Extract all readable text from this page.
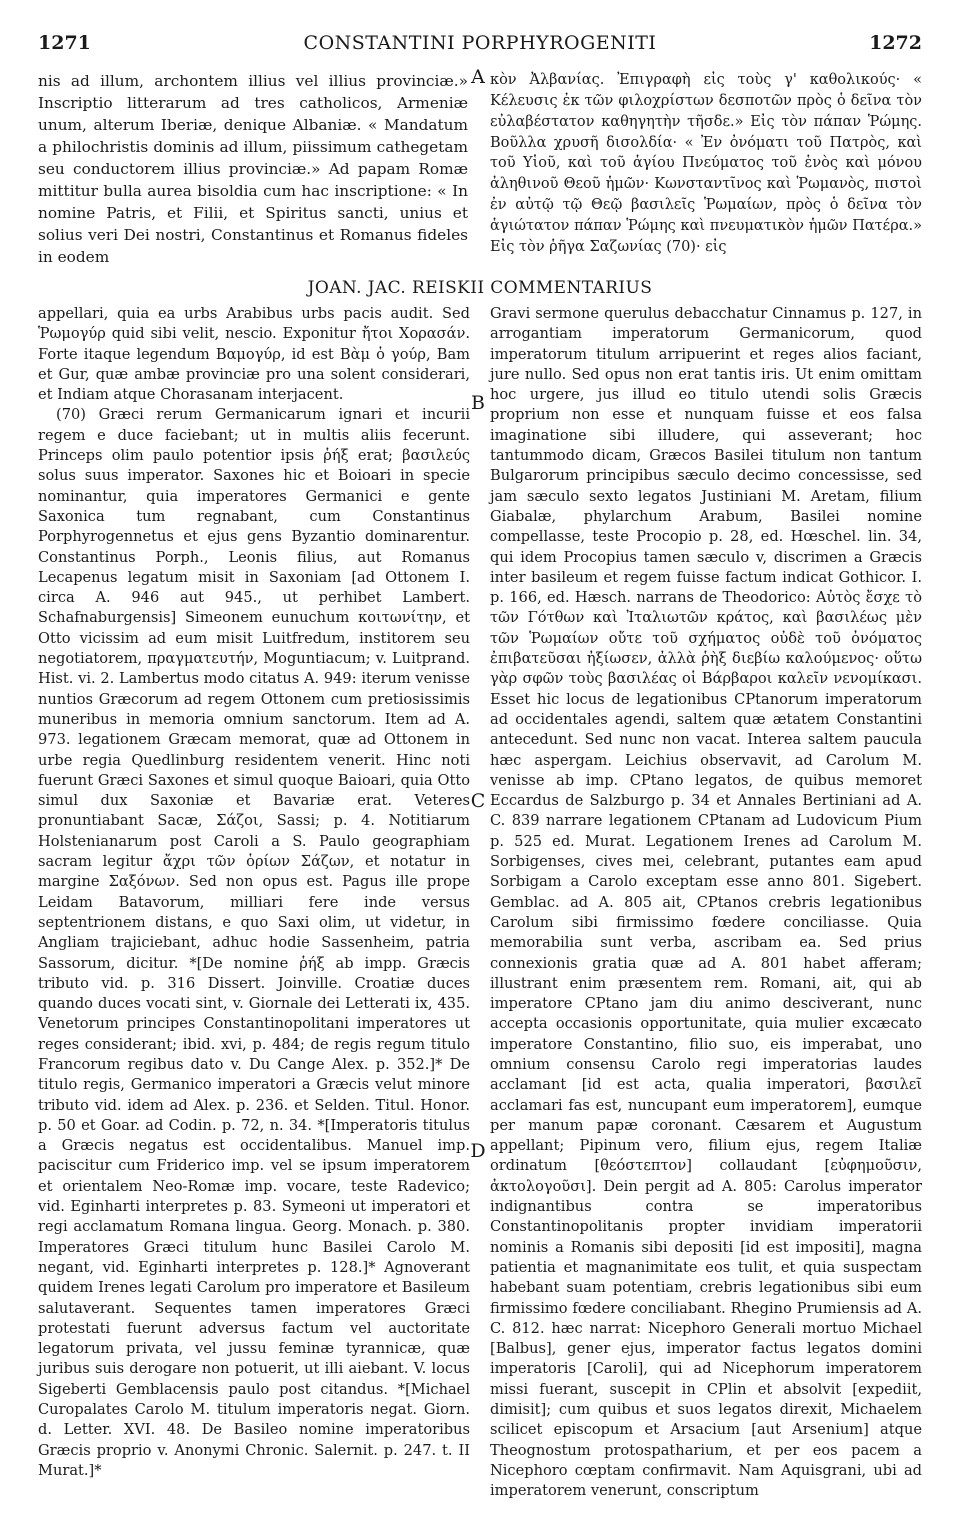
1271	CONSTANTINI PORPHYROGENITI	1272

nis ad illum, archontem illius vel illius provinciæ.» Inscriptio litterarum ad tres catholicos, Armeniæ unum, alterum Iberiæ, denique Albaniæ. « Mandatum a philochristis dominis ad illum, piissimum cathegetam seu conductorem illius provinciæ.» Ad papam Romæ mittitur bulla aurea bisoldia cum hac inscriptione: « In nomine Patris, et Filii, et Spiritus sancti, unius et solius veri Dei nostri, Constantinus et Romanus fideles in eodem

A κὸν Ἀλβανίας. Ἐπιγραφὴ εἰς τοὺς γ' καθολικούς· « Κέλευσις ἐκ τῶν φιλοχρίστων δεσποτῶν πρὸς ὁ δεῖνα τὸν εὐλαβέστατον καθηγητὴν τῆσδε.» Εἰς τὸν πάπαν Ῥώμης. Βοῦλλα χρυσῆ δισολδία· « Ἐν ὀνόματι τοῦ Πατρὸς, καὶ τοῦ Υἱοῦ, καὶ τοῦ ἁγίου Πνεύματος τοῦ ἑνὸς καὶ μόνου ἀληθινοῦ Θεοῦ ἡμῶν· Κωνσταντῖνος καὶ Ῥωμανὸς, πιστοὶ ἐν αὐτῷ τῷ Θεῷ βασιλεῖς Ῥωμαίων, πρὸς ὁ δεῖνα τὸν ἁγιώτατον πάπαν Ῥώμης καὶ πνευματικὸν ἡμῶν Πατέρα.» Εἰς τὸν ῥῆγα Σαζωνίας (70)· εἰς

JOAN. JAC. REISKII COMMENTARIUS

appellari, quia ea urbs Arabibus urbs pacis audit. Sed Ῥωμογύρ quid sibi velit, nescio. Exponitur ἤτοι Χορασάν. Forte itaque legendum Βαμογύρ, id est Βὰμ ὁ γούρ, Bam et Gur, quæ ambæ provinciæ pro una solent considerari, et Indiam atque Chorasanam interjacent.

(70) Græci rerum Germanicarum ignari et incurii regem e duce faciebant; ut in multis aliis fecerunt. Princeps olim paulo potentior ipsis ῥήξ erat; βασιλεύς solus suus imperator. Saxones hic et Boioari in specie nominantur, quia imperatores Germanici e gente Saxonica tum regnabant, cum Constantinus Porphyrogennetus et ejus gens Byzantio dominarentur. Constantinus Porph., Leonis filius, aut Romanus Lecapenus legatum misit in Saxoniam [ad Ottonem I. circa A. 946 aut 945., ut perhibet Lambert. Schafnaburgensis] Simeonem eunuchum κοιτωνίτην, et Otto vicissim ad eum misit Luitfredum, institorem seu negotiatorem, πραγματευτήν, Moguntiacum; v. Luitprand. Hist. vi. 2. Lambertus modo citatus A. 949: iterum venisse nuntios Græcorum ad regem Ottonem cum pretiosissimis muneribus in memoria omnium sanctorum. Item ad A. 973. legationem Græcam memorat, quæ ad Ottonem in urbe regia Quedlinburg residentem venerit. Hinc noti fuerunt Græci Saxones et simul quoque Baioari, quia Otto simul dux Saxoniæ et Bavariæ erat. Veteres pronuntiabant Sacæ, Σάζοι, Sassi; p. 4. Notitiarum Holstenianarum post Caroli a S. Paulo geographiam sacram legitur ἄχρι τῶν ὁρίων Σάζων, et notatur in margine Σαξόνων. Sed non opus est. Pagus ille prope Leidam Batavorum, milliari fere inde versus septentrionem distans, e quo Saxi olim, ut videtur, in Angliam trajiciebant, adhuc hodie Sassenheim, patria Sassorum, dicitur. *[De nomine ῥήξ ab impp. Græcis tributo vid. p. 316 Dissert. Joinville. Croatiæ duces quando duces vocati sint, v. Giornale dei Letterati ix, 435. Venetorum principes Constantinopolitani imperatores ut reges considerant; ibid. xvi, p. 484; de regis regum titulo Francorum regibus dato v. Du Cange Alex. p. 352.]* De titulo regis, Germanico imperatori a Græcis velut minore tributo vid. idem ad Alex. p. 236. et Selden. Titul. Honor. p. 50 et Goar. ad Codin. p. 72, n. 34. *[Imperatoris titulus a Græcis negatus est occidentalibus. Manuel imp. paciscitur cum Friderico imp. vel se ipsum imperatorem et orientalem Neo-Romæ imp. vocare, teste Radevico; vid. Eginharti interpretes p. 83. Symeoni ut imperatori et regi acclamatum Romana lingua. Georg. Monach. p. 380. Imperatores Græci titulum hunc Basilei Carolo M. negant, vid. Eginharti interpretes p. 128.]* Agnoverant quidem Irenes legati Carolum pro imperatore et Basileum salutaverant. Sequentes tamen imperatores Græci protestati fuerunt adversus factum vel auctoritate legatorum privata, vel jussu feminæ tyrannicæ, quæ juribus suis derogare non potuerit, ut illi aiebant. V. locus Sigeberti Gemblacensis paulo post citandus. *[Michael Curopalates Carolo M. titulum imperatoris negat. Giorn. d. Letter. XVI. 48. De Basileo nomine imperatoribus Græcis proprio v. Anonymi Chronic. Salernit. p. 247. t. II Murat.]*

B
C
D

Gravi sermone querulus debacchatur Cinnamus p. 127, in arrogantiam imperatorum Germanicorum, quod imperatorum titulum arripuerint et reges alios faciant, jure nullo. Sed opus non erat tantis iris. Ut enim omittam hoc urgere, jus illud eo titulo utendi solis Græcis proprium non esse et nunquam fuisse et eos falsa imaginatione sibi illudere, qui asseverant; hoc tantummodo dicam, Græcos Basilei titulum non tantum Bulgarorum principibus sæculo decimo concessisse, sed jam sæculo sexto legatos Justiniani M. Aretam, filium Giabalæ, phylarchum Arabum, Basilei nomine compellasse, teste Procopio p. 28, ed. Hœschel. lin. 34, qui idem Procopius tamen sæculo v, discrimen a Græcis inter basileum et regem fuisse factum indicat Gothicor. I. p. 166, ed. Hæsch. narrans de Theodorico: Αὐτὸς ἔσχε τὸ τῶν Γότθων καὶ Ἰταλιωτῶν κράτος, καὶ βασιλέως μὲν τῶν Ῥωμαίων οὔτε τοῦ σχήματος οὐδὲ τοῦ ὀνόματος ἐπιβατεῦσαι ἠξίωσεν, ἀλλὰ ῥὴξ διεβίω καλούμενος· οὕτω γὰρ σφῶν τοὺς βασιλέας οἱ Βάρβαροι καλεῖν νενομίκασι. Esset hic locus de legationibus CPtanorum imperatorum ad occidentales agendi, saltem quæ ætatem Constantini antecedunt. Sed nunc non vacat. Interea saltem paucula hæc aspergam. Leichius observavit, ad Carolum M. venisse ab imp. CPtano legatos, de quibus memoret Eccardus de Salzburgo p. 34 et Annales Bertiniani ad A. C. 839 narrare legationem CPtanam ad Ludovicum Pium p. 525 ed. Murat. Legationem Irenes ad Carolum M. Sorbigenses, cives mei, celebrant, putantes eam apud Sorbigam a Carolo exceptam esse anno 801. Sigebert. Gemblac. ad A. 805 ait, CPtanos crebris legationibus Carolum sibi firmissimo fœdere conciliasse. Quia memorabilia sunt verba, ascribam ea. Sed prius connexionis gratia quæ ad A. 801 habet afferam; illustrant enim præsentem rem. Romani, ait, qui ab imperatore CPtano jam diu animo desciverant, nunc accepta occasionis opportunitate, quia mulier excæcato imperatore Constantino, filio suo, eis imperabat, uno omnium consensu Carolo regi imperatorias laudes acclamant [id est acta, qualia imperatori, βασιλεῖ acclamari fas est, nuncupant eum imperatorem], eumque per manum papæ coronant. Cæsarem et Augustum appellant; Pipinum vero, filium ejus, regem Italiæ ordinatum [θεόστεπτον] collaudant [εὐφημοῦσιν, ἀκτολογοῦσι]. Dein pergit ad A. 805: Carolus imperator indignantibus contra se imperatoribus Constantinopolitanis propter invidiam imperatorii nominis a Romanis sibi depositi [id est impositi], magna patientia et magnanimitate eos tulit, et quia suspectam habebant suam potentiam, crebris legationibus sibi eum firmissimo fœdere conciliabant. Rhegino Prumiensis ad A. C. 812. hæc narrat: Nicephoro Generali mortuo Michael [Balbus], gener ejus, imperator factus legatos domini imperatoris [Caroli], qui ad Nicephorum imperatorem missi fuerant, suscepit in CPlin et absolvit [expediit, dimisit]; cum quibus et suos legatos direxit, Michaelem scilicet episcopum et Arsacium [aut Arsenium] atque Theognostum protospatharium, et per eos pacem a Nicephoro cœptam confirmavit. Nam Aquisgrani, ubi ad imperatorem venerunt, conscriptum
